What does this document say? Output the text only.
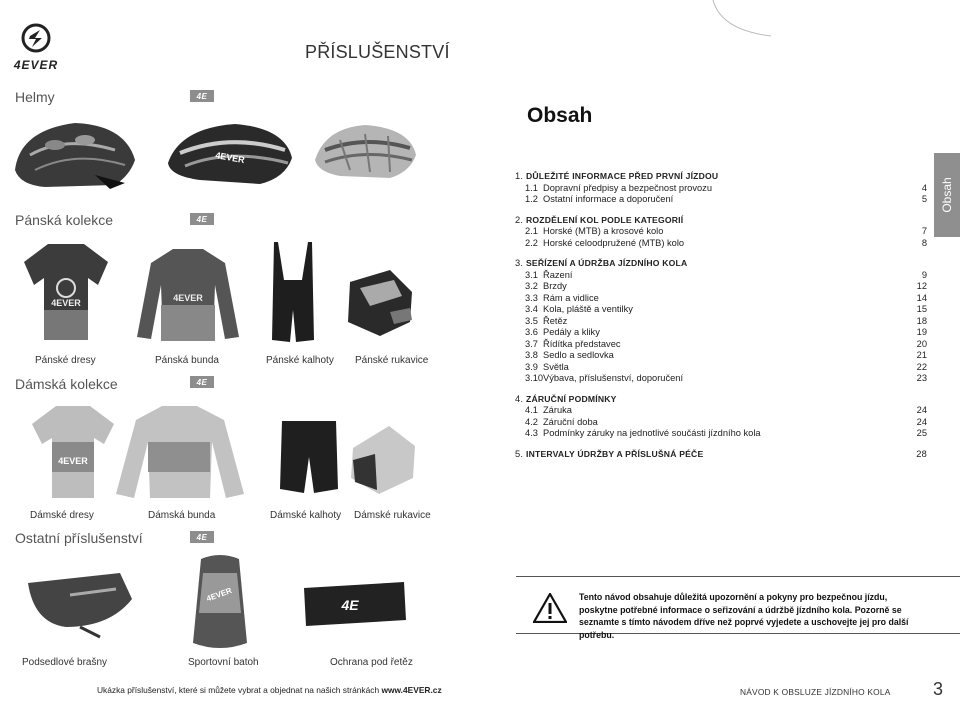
4EVER
PŘÍSLUŠENSTVÍ
Helmy	4E
4EVER
Pánská kolekce	4E
4EVER	4EVER
Pánské dresy	Pánská bunda	Pánské kalhoty Pánské rukavice
Dámská kolekce	4E
4EVER
Dámské dresy	Dámská bunda	Dámské kalhoty Dámské rukavice
Ostatní příslušenství	4E
4EVER
4E
Podsedlové brašny	Sportovní batoh	Ochrana pod řetěz
Obsah
Obsah
1. DŮLEŽITÉ INFORMACE PŘED PRVNÍ JÍZDOU
1.1 Dopravní předpisy a bezpečnost provozu	4
1.2 Ostatní informace a doporučení	5
2. ROZDĚLENÍ KOL PODLE KATEGORIÍ
2.1 Horské (MTB) a krosové kolo	7
2.2 Horské celoodpružené (MTB) kolo	8
3. SEŘÍZENÍ A ÚDRŽBA JÍZDNÍHO KOLA
3.1 Řazení	9
3.2 Brzdy	12
3.3 Rám a vidlice	14
3.4 Kola, pláště a ventilky	15
3.5 Řetěz	18
3.6 Pedály a kliky	19
3.7 Řídítka představec	20
3.8 Sedlo a sedlovka	21
3.9 Světla	22
3.10 Výbava, příslušenství, doporučení	23
4. ZÁRUČNÍ PODMÍNKY
4.1 Záruka	24
4.2 Záruční doba	24
4.3 Podmínky záruky na jednotlivé součásti jízdního kola	25
5. INTERVALY ÚDRŽBY A PŘÍSLUŠNÁ PÉČE	28
Tento návod obsahuje důležitá upozornění a pokyny pro bezpečnou jízdu, poskytne potřebné informace o seřizování a údržbě jízdního kola. Pozorně se seznamte s tímto návodem dříve než poprvé vyjedete a uschovejte jej pro další potřebu.
Ukázka příslušenství, které si můžete vybrat a objednat na našich stránkách www.4EVER.cz	NÁVOD K OBSLUZE JÍZDNÍHO KOLA 3
